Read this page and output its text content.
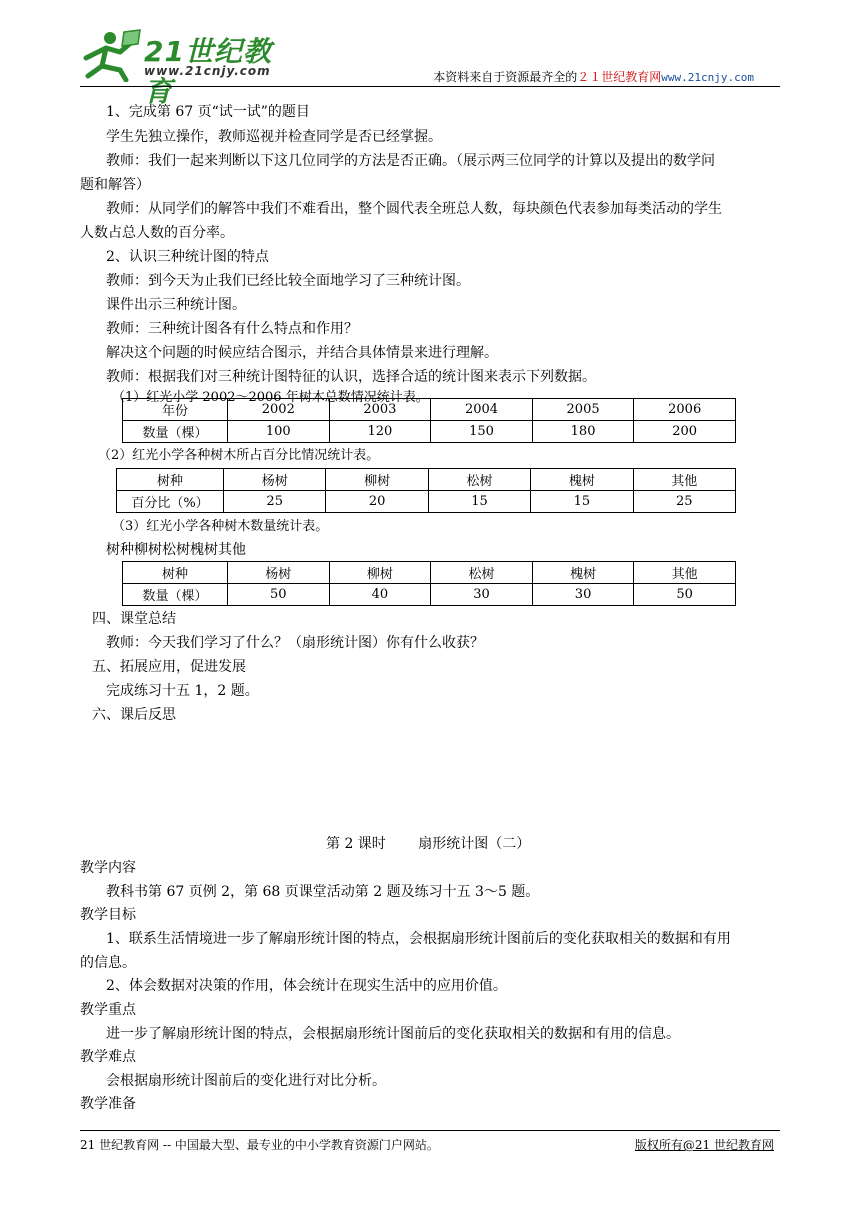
21世纪教育
www.21cnjy.com	本资料来自于资源最齐全的２１世纪教育网www.21cnjy.com
1、完成第 67 页“试一试”的题目
学生先独立操作，教师巡视并检查同学是否已经掌握。
教师：我们一起来判断以下这几位同学的方法是否正确。（展示两三位同学的计算以及提出的数学问
题和解答）
教师：从同学们的解答中我们不难看出，整个圆代表全班总人数，每块颜色代表参加每类活动的学生
人数占总人数的百分率。
2、认识三种统计图的特点
教师：到今天为止我们已经比较全面地学习了三种统计图。
课件出示三种统计图。
教师：三种统计图各有什么特点和作用？
解决这个问题的时候应结合图示，并结合具体情景来进行理解。
教师：根据我们对三种统计图特征的认识，选择合适的统计图来表示下列数据。
（1）红光小学 2002～2006 年树木总数情况统计表。
年份	2002	2003	2004	2005	2006
数量（棵）	100	120	150	180	200
（2）红光小学各种树木所占百分比情况统计表。
树种	杨树	柳树	松树	槐树	其他
百分比（%）	25	20	15	15	25
（3）红光小学各种树木数量统计表。
树种柳树松树槐树其他
树种	杨树	柳树	松树	槐树	其他
数量（棵）	50	40	30	30	50
四、课堂总结
教师：今天我们学习了什么？（扇形统计图）你有什么收获？
五、拓展应用，促进发展
完成练习十五 1，2 题。
六、课后反思
第 2 课时　　 扇形统计图（二）
教学内容
教科书第 67 页例 2，第 68 页课堂活动第 2 题及练习十五 3～5 题。
教学目标
1、联系生活情境进一步了解扇形统计图的特点，会根据扇形统计图前后的变化获取相关的数据和有用
的信息。
2、体会数据对决策的作用，体会统计在现实生活中的应用价值。
教学重点
进一步了解扇形统计图的特点，会根据扇形统计图前后的变化获取相关的数据和有用的信息。
教学难点
会根据扇形统计图前后的变化进行对比分析。
教学准备
21 世纪教育网 -- 中国最大型、最专业的中小学教育资源门户网站。	版权所有@21 世纪教育网
